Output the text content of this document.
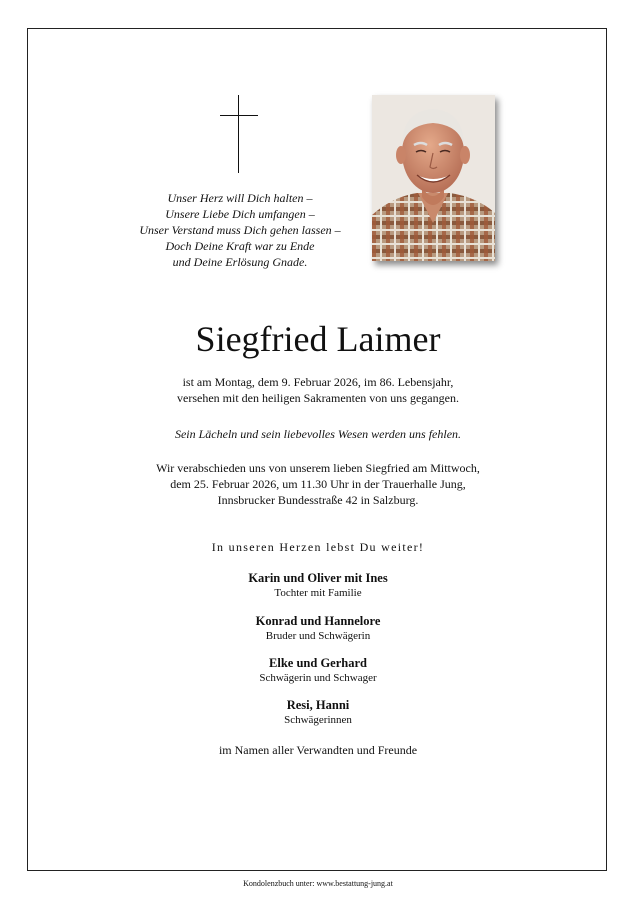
Unser Herz will Dich halten –
Unsere Liebe Dich umfangen –
Unser Verstand muss Dich gehen lassen –
Doch Deine Kraft war zu Ende
und Deine Erlösung Gnade.
Siegfried Laimer
ist am Montag, dem 9. Februar 2026, im 86. Lebensjahr,
versehen mit den heiligen Sakramenten von uns gegangen.
Sein Lächeln und sein liebevolles Wesen werden uns fehlen.
Wir verabschieden uns von unserem lieben Siegfried am Mittwoch,
dem 25. Februar 2026, um 11.30 Uhr in der Trauerhalle Jung,
Innsbrucker Bundesstraße 42 in Salzburg.
In unseren Herzen lebst Du weiter!
Karin und Oliver mit Ines
Tochter mit Familie
Konrad und Hannelore
Bruder und Schwägerin
Elke und Gerhard
Schwägerin und Schwager
Resi, Hanni
Schwägerinnen
im Namen aller Verwandten und Freunde
Kondolenzbuch unter: www.bestattung-jung.at
